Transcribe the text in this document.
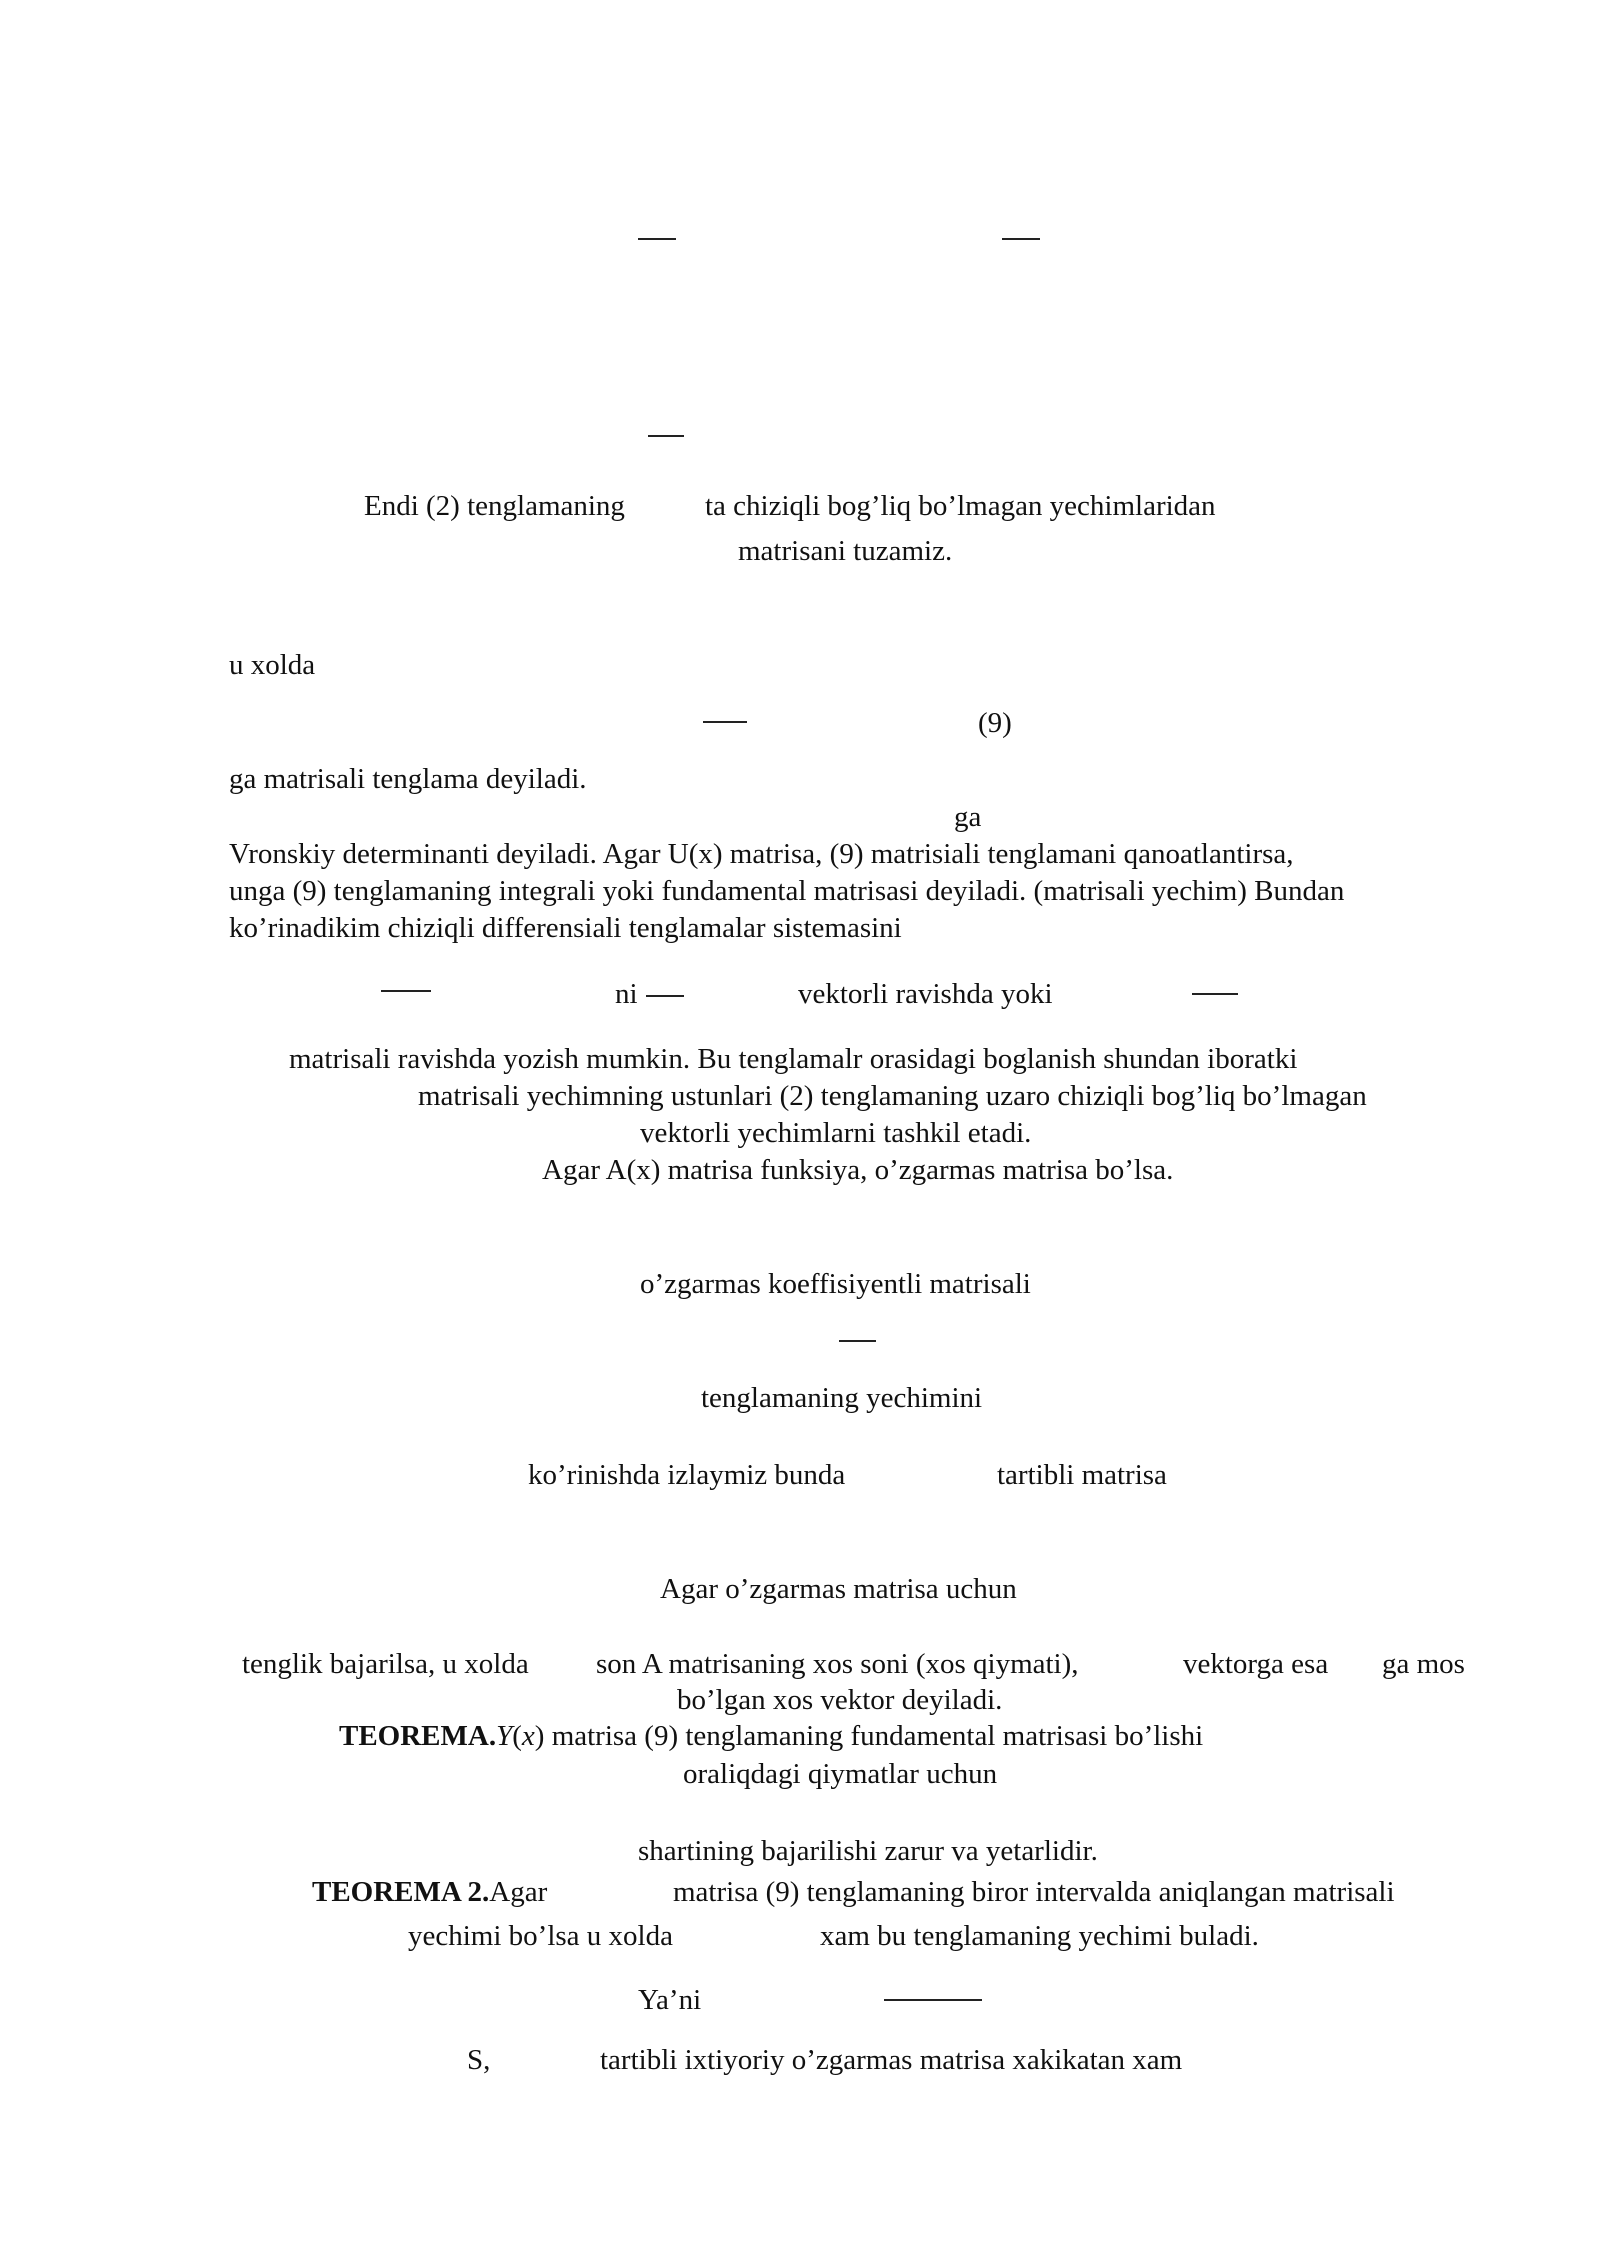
Endi (2) tenglamaning	ta chiziqli bog’liq bo’lmagan yechimlaridan
matrisani tuzamiz.
u xolda
(9)
ga matrisali tenglama deyiladi.
ga
Vronskiy determinanti deyiladi. Agar U(x) matrisa, (9) matrisiali tenglamani qanoatlantirsa,
unga (9) tenglamaning integrali yoki fundamental matrisasi deyiladi. (matrisali yechim) Bundan
ko’rinadikim chiziqli differensiali tenglamalar sistemasini
ni	vektorli ravishda yoki
matrisali ravishda yozish mumkin. Bu tenglamalr orasidagi boglanish shundan iboratki
matrisali yechimning ustunlari (2) tenglamaning uzaro chiziqli bog’liq bo’lmagan
vektorli yechimlarni tashkil etadi.
Agar A(x) matrisa funksiya, o’zgarmas matrisa bo’lsa.
o’zgarmas koeffisiyentli matrisali
tenglamaning yechimini
ko’rinishda izlaymiz bunda	tartibli matrisa
Agar o’zgarmas matrisa uchun
tenglik bajarilsa, u xolda son A matrisaning xos soni (xos qiymati),	vektorga esa ga mos
bo’lgan xos vektor deyiladi.
TEOREMA.Y(x) matrisa (9) tenglamaning fundamental matrisasi bo’lishi
oraliqdagi qiymatlar uchun
shartining bajarilishi zarur va yetarlidir.
TEOREMA 2.Agar	matrisa (9) tenglamaning biror intervalda aniqlangan matrisali
yechimi bo’lsa u xolda	xam bu tenglamaning yechimi buladi.
Ya’ni
S,	tartibli ixtiyoriy o’zgarmas matrisa xakikatan xam
